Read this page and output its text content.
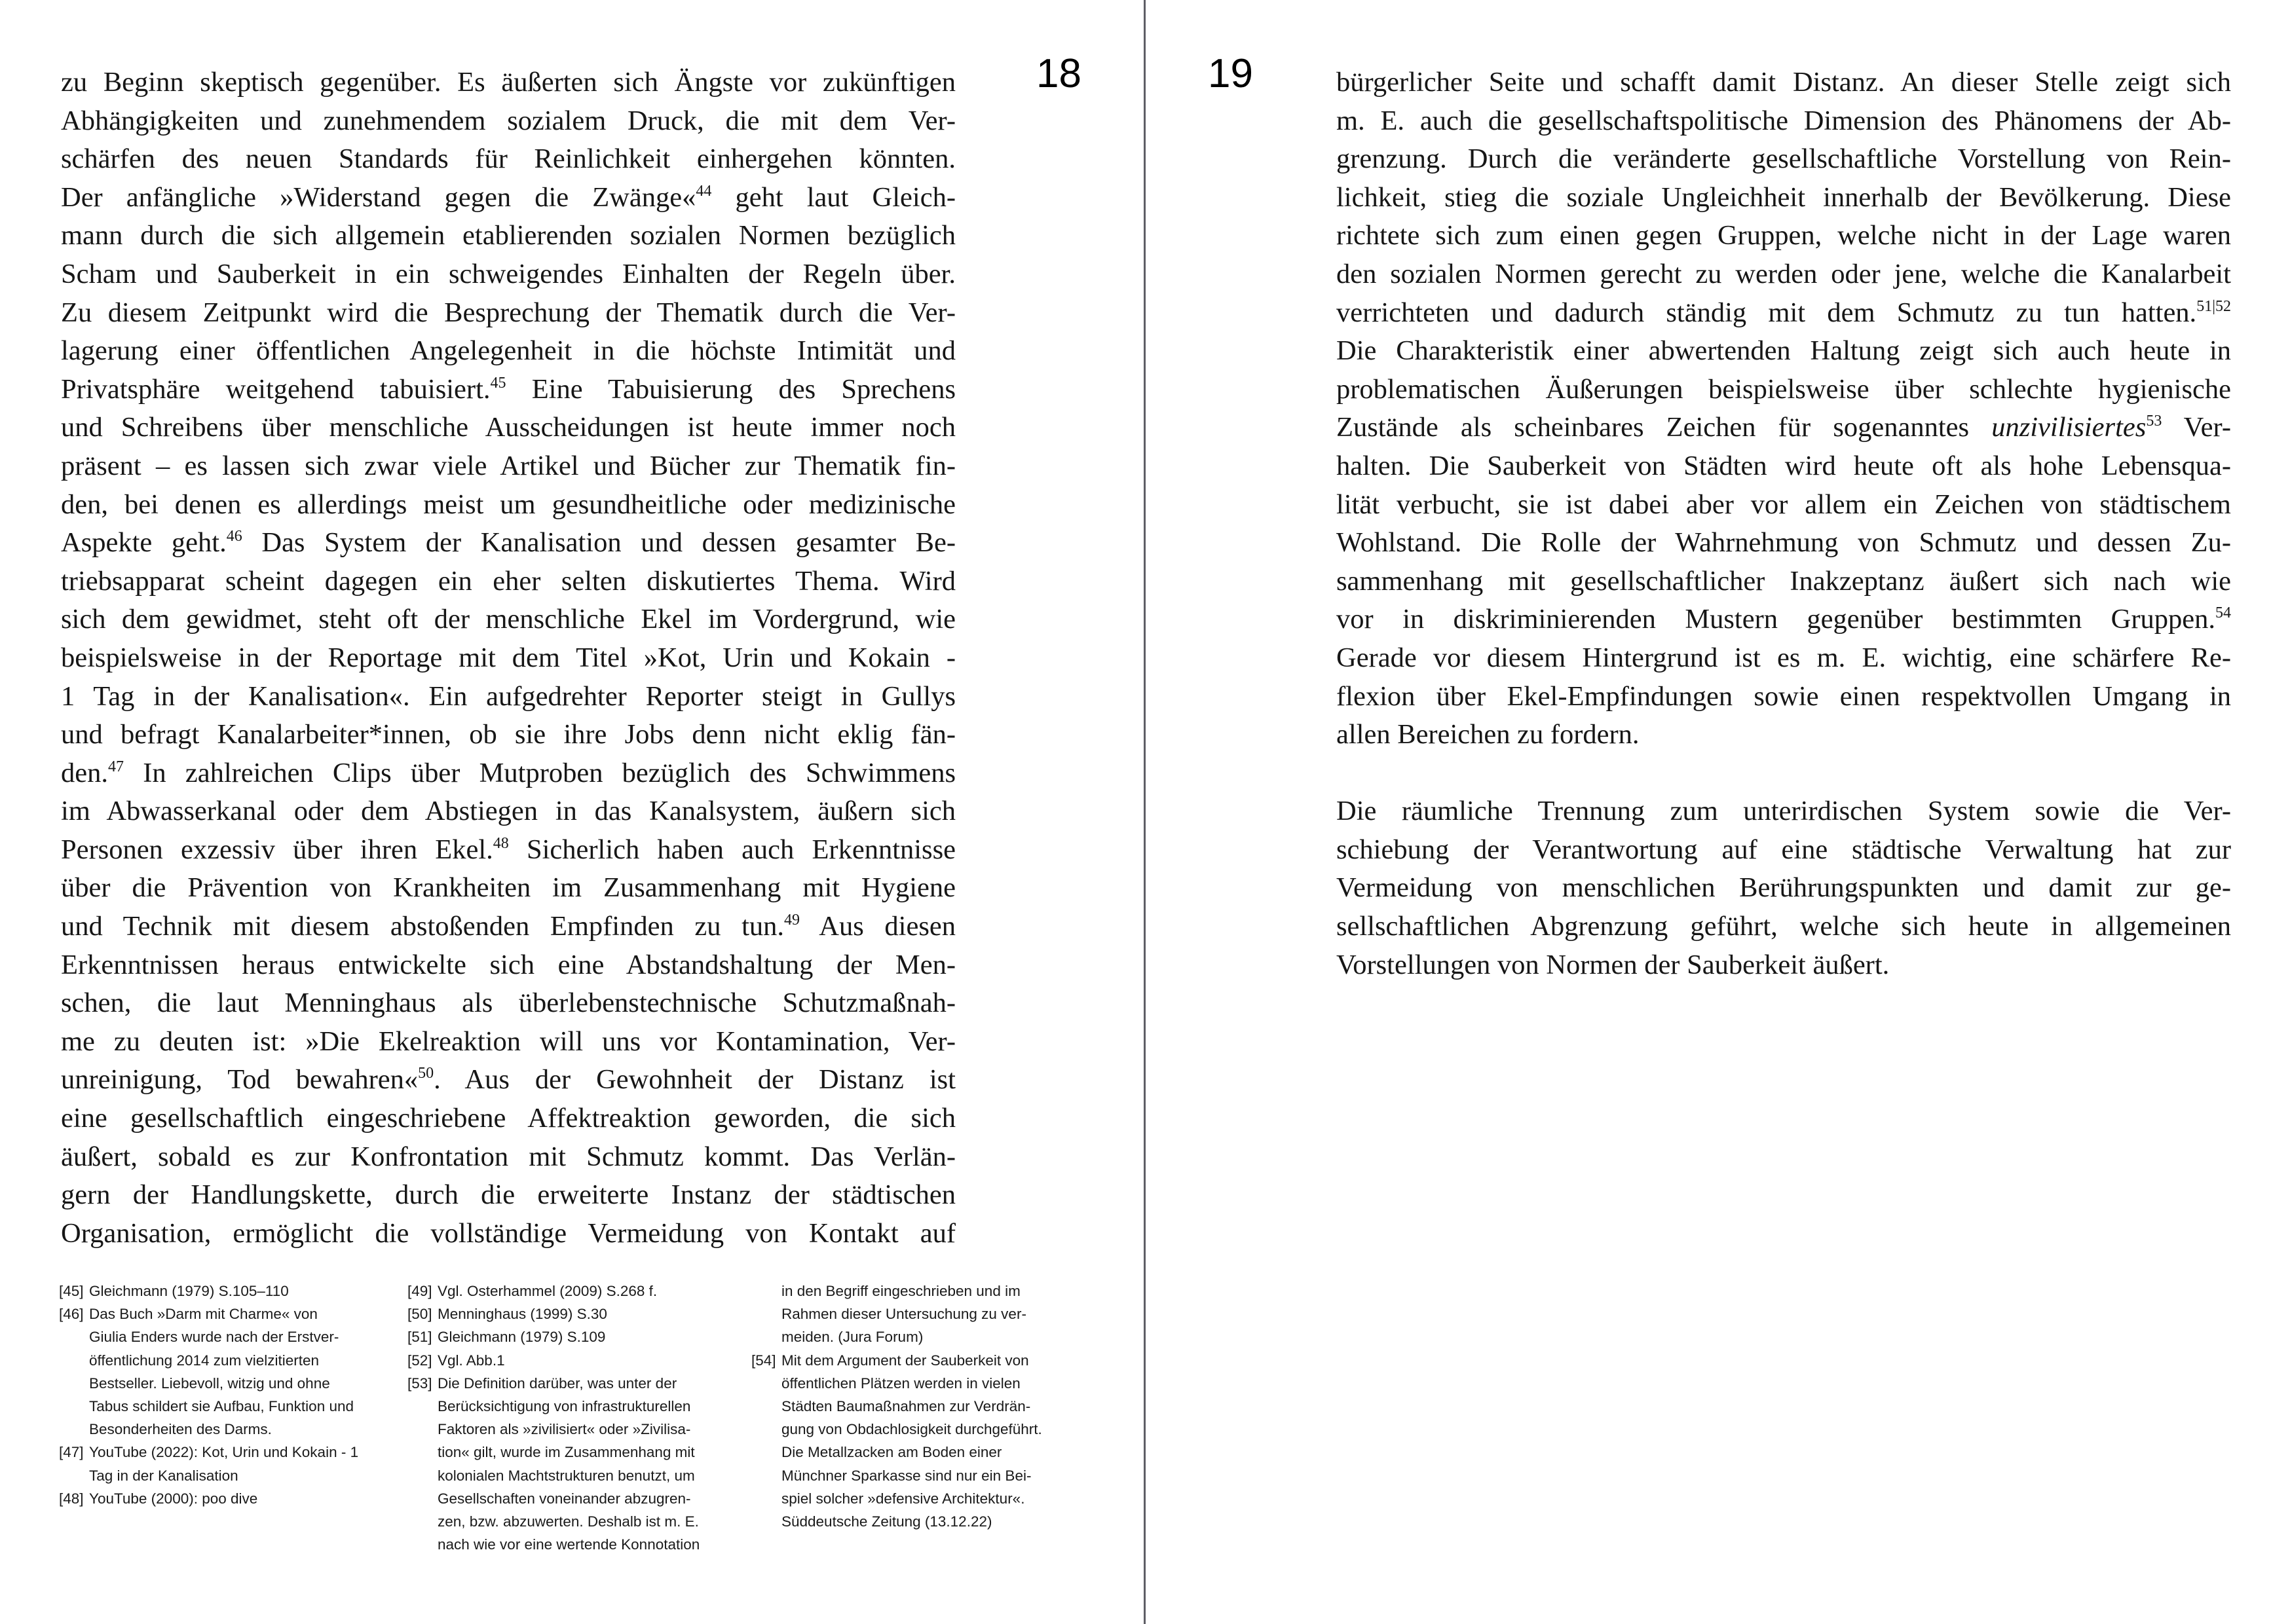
18	19
zu Beginn skeptisch gegenüber. Es äußerten sich Ängste vor zukünftigen
Abhängigkeiten und zunehmendem sozialem Druck, die mit dem Ver-
schärfen des neuen Standards für Reinlichkeit einhergehen könnten.
Der anfängliche »Widerstand gegen die Zwänge«$^{44}$ geht laut Gleich-
mann durch die sich allgemein etablierenden sozialen Normen bezüglich
Scham und Sauberkeit in ein schweigendes Einhalten der Regeln über.
Zu diesem Zeitpunkt wird die Besprechung der Thematik durch die Ver-
lagerung einer öffentlichen Angelegenheit in die höchste Intimität und
Privatsphäre weitgehend tabuisiert.$^{45}$ Eine Tabuisierung des Sprechens
und Schreibens über menschliche Ausscheidungen ist heute immer noch
präsent – es lassen sich zwar viele Artikel und Bücher zur Thematik fin-
den, bei denen es allerdings meist um gesundheitliche oder medizinische
Aspekte geht.$^{46}$ Das System der Kanalisation und dessen gesamter Be-
triebsapparat scheint dagegen ein eher selten diskutiertes Thema. Wird
sich dem gewidmet, steht oft der menschliche Ekel im Vordergrund, wie
beispielsweise in der Reportage mit dem Titel »Kot, Urin und Kokain -
1 Tag in der Kanalisation«. Ein aufgedrehter Reporter steigt in Gullys
und befragt Kanalarbeiter*innen, ob sie ihre Jobs denn nicht eklig fän-
den.$^{47}$ In zahlreichen Clips über Mutproben bezüglich des Schwimmens
im Abwasserkanal oder dem Abstiegen in das Kanalsystem, äußern sich
Personen exzessiv über ihren Ekel.$^{48}$ Sicherlich haben auch Erkenntnisse
über die Prävention von Krankheiten im Zusammenhang mit Hygiene
und Technik mit diesem abstoßenden Empfinden zu tun.$^{49}$ Aus diesen
Erkenntnissen heraus entwickelte sich eine Abstandshaltung der Men-
schen, die laut Menninghaus als überlebenstechnische Schutzmaßnah-
me zu deuten ist: »Die Ekelreaktion will uns vor Kontamination, Ver-
unreinigung, Tod bewahren«$^{50}$. Aus der Gewohnheit der Distanz ist
eine gesellschaftlich eingeschriebene Affektreaktion geworden, die sich
äußert, sobald es zur Konfrontation mit Schmutz kommt. Das Verlän-
gern der Handlungskette, durch die erweiterte Instanz der städtischen
Organisation, ermöglicht die vollständige Vermeidung von Kontakt auf
bürgerlicher Seite und schafft damit Distanz. An dieser Stelle zeigt sich
m. E. auch die gesellschaftspolitische Dimension des Phänomens der Ab-
grenzung. Durch die veränderte gesellschaftliche Vorstellung von Rein-
lichkeit, stieg die soziale Ungleichheit innerhalb der Bevölkerung. Diese
richtete sich zum einen gegen Gruppen, welche nicht in der Lage waren
den sozialen Normen gerecht zu werden oder jene, welche die Kanalarbeit
verrichteten und dadurch ständig mit dem Schmutz zu tun hatten.$^{51|52}$
Die Charakteristik einer abwertenden Haltung zeigt sich auch heute in
problematischen Äußerungen beispielsweise über schlechte hygienische
Zustände als scheinbares Zeichen für sogenanntes unzivilisiertes$^{53}$ Ver-
halten. Die Sauberkeit von Städten wird heute oft als hohe Lebensqua-
lität verbucht, sie ist dabei aber vor allem ein Zeichen von städtischem
Wohlstand. Die Rolle der Wahrnehmung von Schmutz und dessen Zu-
sammenhang mit gesellschaftlicher Inakzeptanz äußert sich nach wie
vor in diskriminierenden Mustern gegenüber bestimmten Gruppen.$^{54}$
Gerade vor diesem Hintergrund ist es m. E. wichtig, eine schärfere Re-
flexion über Ekel-Empfindungen sowie einen respektvollen Umgang in
allen Bereichen zu fordern.
Die räumliche Trennung zum unterirdischen System sowie die Ver-
schiebung der Verantwortung auf eine städtische Verwaltung hat zur
Vermeidung von menschlichen Berührungspunkten und damit zur ge-
sellschaftlichen Abgrenzung geführt, welche sich heute in allgemeinen
Vorstellungen von Normen der Sauberkeit äußert.
[45] Gleichmann (1979) S.105–110
[46] Das Buch »Darm mit Charme« von
Giulia Enders wurde nach der Erstver-
öffentlichung 2014 zum vielzitierten
Bestseller. Liebevoll, witzig und ohne
Tabus schildert sie Aufbau, Funktion und
Besonderheiten des Darms.
[47] YouTube (2022): Kot, Urin und Kokain - 1
Tag in der Kanalisation
[48] YouTube (2000): poo dive
[49] Vgl. Osterhammel (2009) S.268 f.
[50] Menninghaus (1999) S.30
[51] Gleichmann (1979) S.109
[52] Vgl. Abb.1
[53] Die Definition darüber, was unter der
Berücksichtigung von infrastrukturellen
Faktoren als »zivilisiert« oder »Zivilisa-
tion« gilt, wurde im Zusammenhang mit
kolonialen Machtstrukturen benutzt, um
Gesellschaften voneinander abzugren-
zen, bzw. abzuwerten. Deshalb ist m. E.
nach wie vor eine wertende Konnotation
in den Begriff eingeschrieben und im
Rahmen dieser Untersuchung zu ver-
meiden. (Jura Forum)
[54] Mit dem Argument der Sauberkeit von
öffentlichen Plätzen werden in vielen
Städten Baumaßnahmen zur Verdrän-
gung von Obdachlosigkeit durchgeführt.
Die Metallzacken am Boden einer
Münchner Sparkasse sind nur ein Bei-
spiel solcher »defensive Architektur«.
Süddeutsche Zeitung (13.12.22)
